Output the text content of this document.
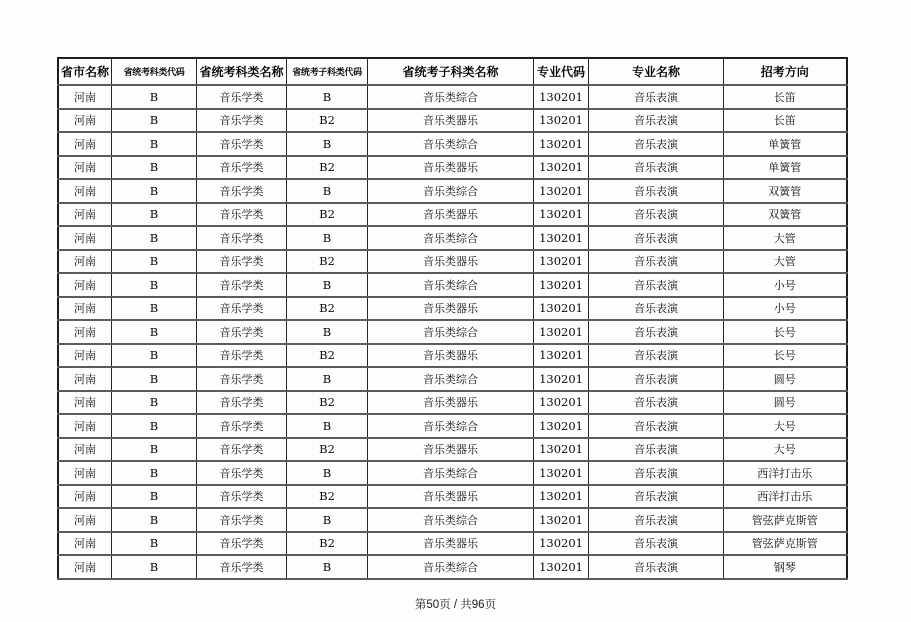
省市名称	省统考科类代码	省统考科类名称	省统考子科类代码	省统考子科类名称	专业代码	专业名称	招考方向
河南	B	音乐学类	B	音乐类综合	130201	音乐表演	长笛
河南	B	音乐学类	B2	音乐类器乐	130201	音乐表演	长笛
河南	B	音乐学类	B	音乐类综合	130201	音乐表演	单簧管
河南	B	音乐学类	B2	音乐类器乐	130201	音乐表演	单簧管
河南	B	音乐学类	B	音乐类综合	130201	音乐表演	双簧管
河南	B	音乐学类	B2	音乐类器乐	130201	音乐表演	双簧管
河南	B	音乐学类	B	音乐类综合	130201	音乐表演	大管
河南	B	音乐学类	B2	音乐类器乐	130201	音乐表演	大管
河南	B	音乐学类	B	音乐类综合	130201	音乐表演	小号
河南	B	音乐学类	B2	音乐类器乐	130201	音乐表演	小号
河南	B	音乐学类	B	音乐类综合	130201	音乐表演	长号
河南	B	音乐学类	B2	音乐类器乐	130201	音乐表演	长号
河南	B	音乐学类	B	音乐类综合	130201	音乐表演	圆号
河南	B	音乐学类	B2	音乐类器乐	130201	音乐表演	圆号
河南	B	音乐学类	B	音乐类综合	130201	音乐表演	大号
河南	B	音乐学类	B2	音乐类器乐	130201	音乐表演	大号
河南	B	音乐学类	B	音乐类综合	130201	音乐表演	西洋打击乐
河南	B	音乐学类	B2	音乐类器乐	130201	音乐表演	西洋打击乐
河南	B	音乐学类	B	音乐类综合	130201	音乐表演	管弦萨克斯管
河南	B	音乐学类	B2	音乐类器乐	130201	音乐表演	管弦萨克斯管
河南	B	音乐学类	B	音乐类综合	130201	音乐表演	钢琴
第50页 / 共96页
